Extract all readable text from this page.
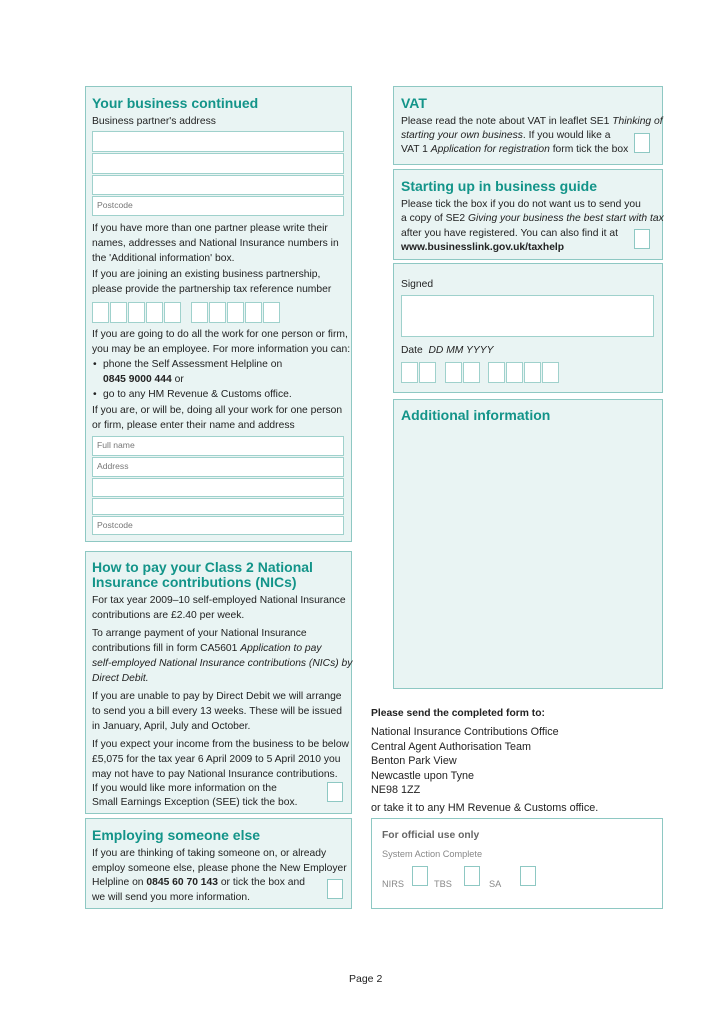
Your business continued
Business partner's address
Postcode
If you have more than one partner please write their
names, addresses and National Insurance numbers in
the 'Additional information' box.
If you are joining an existing business partnership,
please provide the partnership tax reference number
If you are going to do all the work for one person or firm,
you may be an employee. For more information you can:
• phone the Self Assessment Helpline on
0845 9000 444 or
• go to any HM Revenue & Customs office.
If you are, or will be, doing all your work for one person
or firm, please enter their name and address
Full name
Address
Postcode
How to pay your Class 2 National
Insurance contributions (NICs)
For tax year 2009–10 self-employed National Insurance
contributions are £2.40 per week.
To arrange payment of your National Insurance
contributions fill in form CA5601 Application to pay
self-employed National Insurance contributions (NICs) by
Direct Debit.
If you are unable to pay by Direct Debit we will arrange
to send you a bill every 13 weeks. These will be issued
in January, April, July and October.
If you expect your income from the business to be below
£5,075 for the tax year 6 April 2009 to 5 April 2010 you
may not have to pay National Insurance contributions.
If you would like more information on the
Small Earnings Exception (SEE) tick the box.
Employing someone else
If you are thinking of taking someone on, or already
employ someone else, please phone the New Employer
Helpline on 0845 60 70 143 or tick the box and
we will send you more information.
VAT
Please read the note about VAT in leaflet SE1 Thinking of
starting your own business. If you would like a
VAT 1 Application for registration form tick the box
Starting up in business guide
Please tick the box if you do not want us to send you
a copy of SE2 Giving your business the best start with tax
after you have registered. You can also find it at
www.businesslink.gov.uk/taxhelp
Signed
Date DD MM YYYY
Additional information
Please send the completed form to:
National Insurance Contributions Office
Central Agent Authorisation Team
Benton Park View
Newcastle upon Tyne
NE98 1ZZ
or take it to any HM Revenue & Customs office.
For official use only
System Action Complete
NIRS	TBS	SA
Page 2
